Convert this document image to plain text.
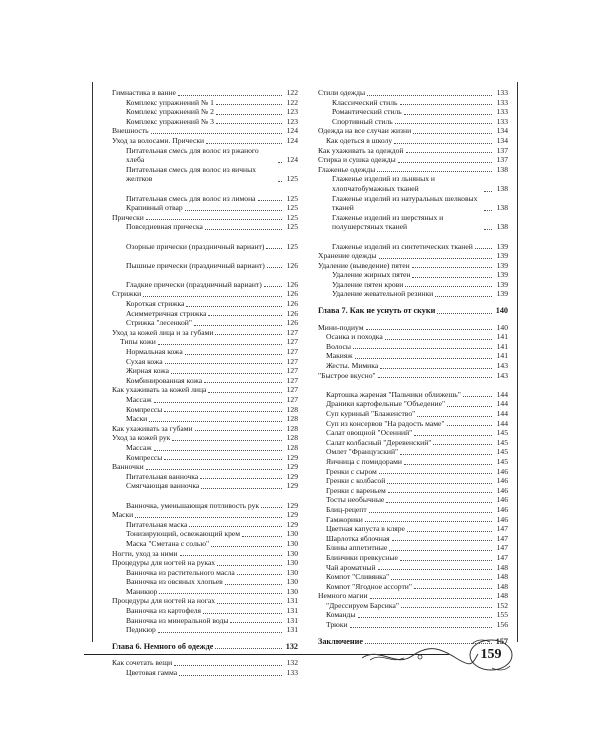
Гимнастика в ванне	122
Комплекс упражнений № 1	122
Комплекс упражнений № 2	123
Комплекс упражнений № 3	123
Внешность	124
Уход за волосами. Прически	124
Питательная смесь для волос из ржаного хлеба	124
Питательная смесь для волос из яичных желтков	125
Питательная смесь для волос из лимона	125
Крапивный отвар	125
Прически	125
Повседневная прическа	125
Озорные прически (праздничный вариант)	125
Пышные прически (праздничный вариант)	126
Гладкие прически (праздничный вариант)	126
Стрижки	126
Короткая стрижка	126
Асимметричная стрижка	126
Стрижка "лесенкой"	126
Уход за кожей лица и за губами	127
Типы кожи	127
Нормальная кожа	127
Сухая кожа	127
Жирная кожа	127
Комбинированная кожа	127
Как ухаживать за кожей лица	127
Массаж	127
Компрессы	128
Маски	128
Как ухаживать за губами	128
Уход за кожей рук	128
Массаж	128
Компрессы	129
Ванночки	129
Питательная ванночка	129
Смягчающая ванночка	129
Ванночка, уменьшающая потливость рук	129
Маски	129
Питательная маска	129
Тонизирующий, освежающий крем	130
Маска "Сметана с солью"	130
Ногти, уход за ними	130
Процедуры для ногтей на руках	130
Ванночка из растительного масла	130
Ванночка из овсяных хлопьев	130
Маникюр	130
Процедуры для ногтей на ногах	131
Ванночка из картофеля	131
Ванночка из минеральной воды	131
Педикюр	131
Глава 6. Немного об одежде	132
Как сочетать вещи	132
Цветовая гамма	133
Стили одежды	133
Классический стиль	133
Романтический стиль	133
Спортивный стиль	133
Одежда на все случаи жизни	134
Как одеться в школу	134
Как ухаживать за одеждой	137
Стирка и сушка одежды	137
Глаженье одежды	138
Глаженье изделий из льняных и хлопчатобумажных тканей	138
Глаженье изделий из натуральных шелковых тканей	138
Глаженье изделий из шерстяных и полушерстяных тканей	138
Глаженье изделий из синтетических тканей	139
Хранение одежды	139
Удаление (выведение) пятен	139
Удаление жирных пятен	139
Удаление пятен крови	139
Удаление жевательной резинки	139
Глава 7. Как не уснуть от скуки	140
Мини-подиум	140
Осанка и походка	141
Волосы	141
Макияж	141
Жесты. Мимика	143
"Быстрое вкусно"	143
Картошка жареная "Пальчики оближешь"	144
Драники картофельные "Объедение"	144
Суп куриный "Блаженство"	144
Суп из консервов "На радость маме"	144
Салат овощной "Осенний"	145
Салат колбасный "Деревенский"	145
Омлет "Французский"	145
Яичница с помидорами	145
Гренки с сыром	146
Гренки с колбасой	146
Гренки с вареньем	146
Тосты необычные	146
Блиц-рецепт	146
Гамжорики	146
Цветная капуста в кляре	147
Шарлотка яблочная	147
Блины аппетитные	147
Блинчики превкусные	147
Чай ароматный	148
Компот "Сливянка"	148
Компот "Ягодное ассорти"	148
Немного магии	148
"Дрессируем Барсика"	152
Команды	155
Трюки	156
Заключение	157
159
